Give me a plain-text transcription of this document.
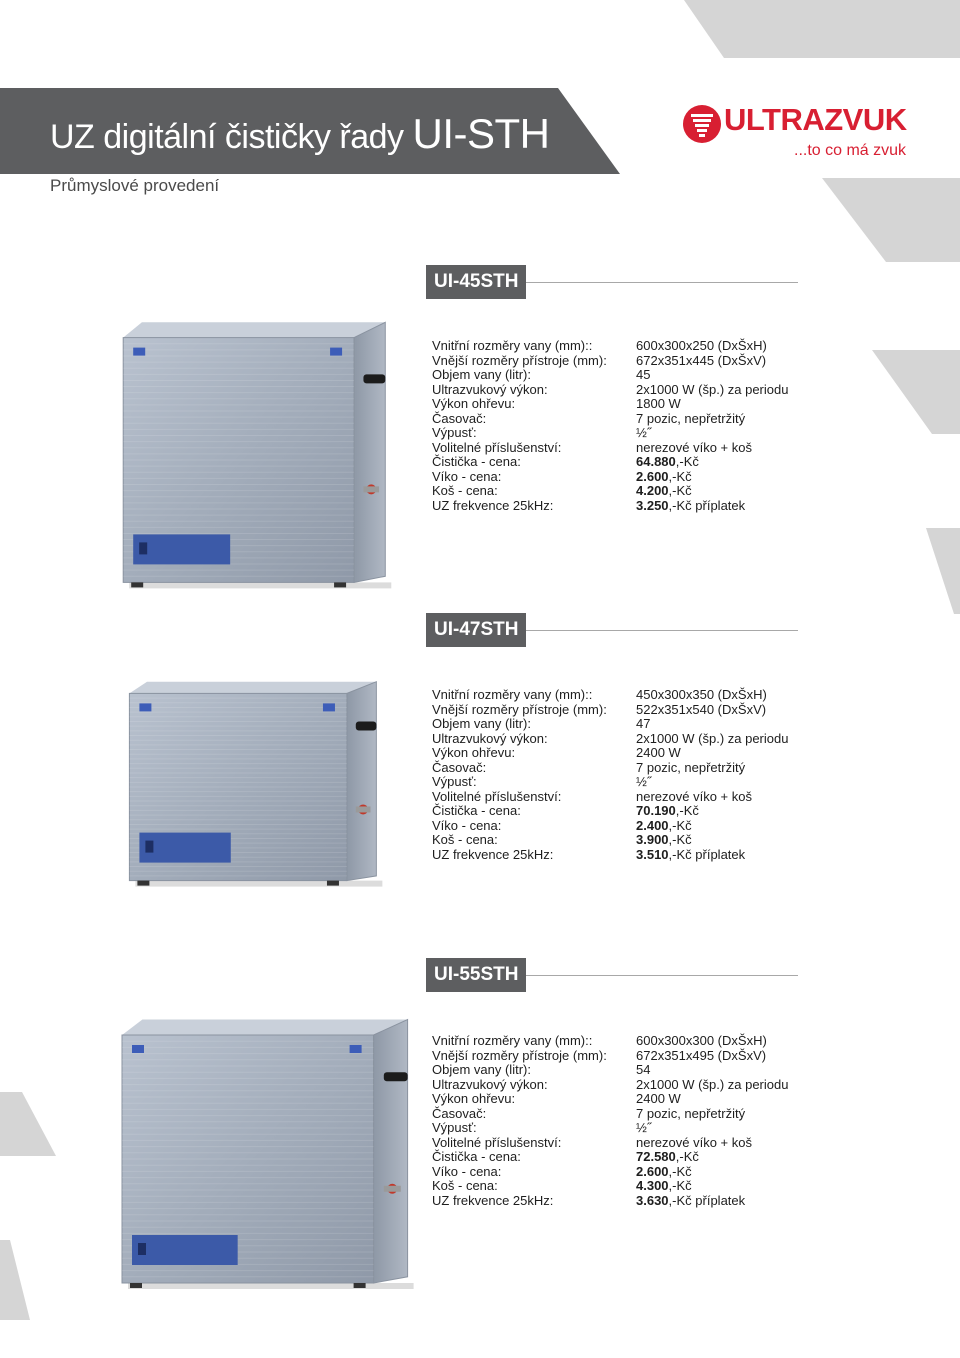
UZ digitální čističky řady UI-STH
Průmyslové provedení
ULTRAZVUK
...to co má zvuk
UI-45STH
Vnitřní rozměry vany (mm)::	600x300x250 (DxŠxH)
Vnější rozměry přístroje (mm): 672x351x445 (DxŠxV)
Objem vany (litr):	45
Ultrazvukový výkon:	2x1000 W (šp.) za periodu
Výkon ohřevu:	1800 W
Časovač:	7 pozic, nepřetržitý
Výpusť:	½˝
Volitelné příslušenství:	nerezové víko + koš
Čistička - cena:	64.880,-Kč
Víko - cena:	2.600,-Kč
Koš - cena:	4.200,-Kč
UZ frekvence 25kHz:	3.250,-Kč příplatek
UI-47STH
Vnitřní rozměry vany (mm)::	450x300x350 (DxŠxH)
Vnější rozměry přístroje (mm): 522x351x540 (DxŠxV)
Objem vany (litr):	47
Ultrazvukový výkon:	2x1000 W (šp.) za periodu
Výkon ohřevu:	2400 W
Časovač:	7 pozic, nepřetržitý
Výpusť:	½˝
Volitelné příslušenství:	nerezové víko + koš
Čistička - cena:	70.190,-Kč
Víko - cena:	2.400,-Kč
Koš - cena:	3.900,-Kč
UZ frekvence 25kHz:	3.510,-Kč příplatek
UI-55STH
Vnitřní rozměry vany (mm)::	600x300x300 (DxŠxH)
Vnější rozměry přístroje (mm): 672x351x495 (DxŠxV)
Objem vany (litr):	54
Ultrazvukový výkon:	2x1000 W (šp.) za periodu
Výkon ohřevu:	2400 W
Časovač:	7 pozic, nepřetržitý
Výpusť:	½˝
Volitelné příslušenství:	nerezové víko + koš
Čistička - cena:	72.580,-Kč
Víko - cena:	2.600,-Kč
Koš - cena:	4.300,-Kč
UZ frekvence 25kHz:	3.630,-Kč příplatek
